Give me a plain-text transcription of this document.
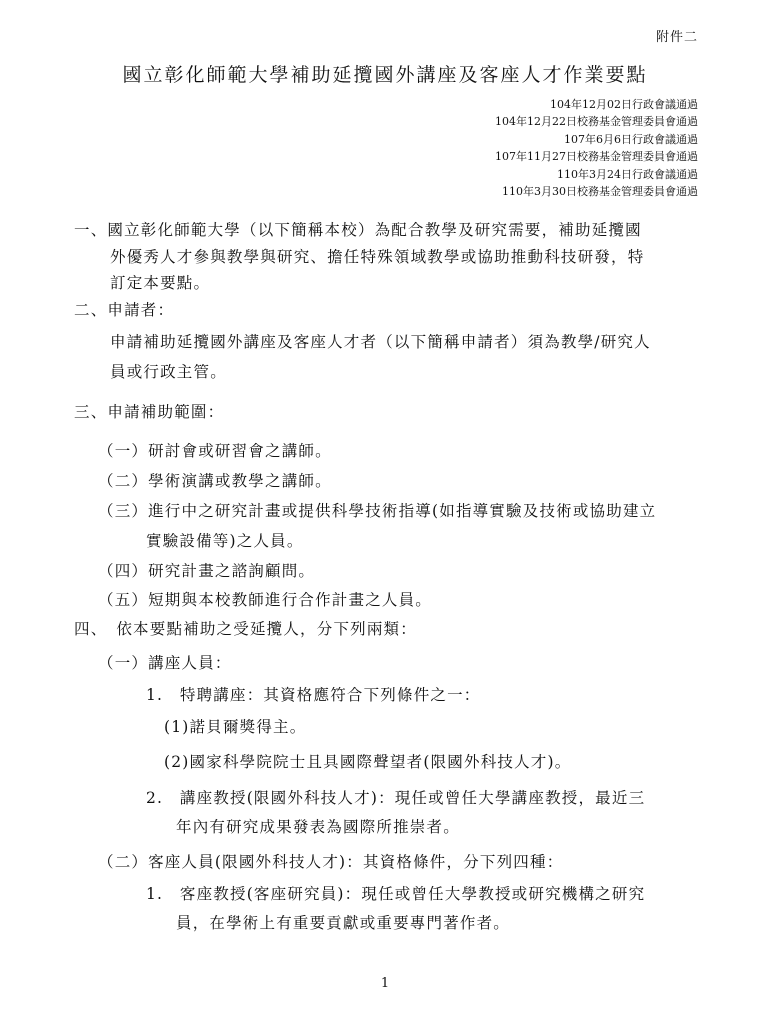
附件二
國立彰化師範大學補助延攬國外講座及客座人才作業要點
104年12月02日行政會議通過
104年12月22日校務基金管理委員會通過
107年6月6日行政會議通過
107年11月27日校務基金管理委員會通過
110年3月24日行政會議通過
110年3月30日校務基金管理委員會通過
一、國立彰化師範大學（以下簡稱本校）為配合教學及研究需要，補助延攬國
外優秀人才參與教學與研究、擔任特殊領域教學或協助推動科技研發，特
訂定本要點。
二、申請者：
申請補助延攬國外講座及客座人才者（以下簡稱申請者）須為教學/研究人
員或行政主管。
三、申請補助範圍：
（一）研討會或研習會之講師。
（二）學術演講或教學之講師。
（三）進行中之研究計畫或提供科學技術指導(如指導實驗及技術或協助建立
實驗設備等)之人員。
（四）研究計畫之諮詢顧問。
（五）短期與本校教師進行合作計畫之人員。
四、　依本要點補助之受延攬人，分下列兩類：
（一）講座人員：
1.　特聘講座：其資格應符合下列條件之一：
(1)諾貝爾獎得主。
(2)國家科學院院士且具國際聲望者(限國外科技人才)。
2.　講座教授(限國外科技人才)：現任或曾任大學講座教授，最近三
年內有研究成果發表為國際所推崇者。
（二）客座人員(限國外科技人才)：其資格條件，分下列四種：
1.　客座教授(客座研究員)：現任或曾任大學教授或研究機構之研究
員，在學術上有重要貢獻或重要專門著作者。
1
